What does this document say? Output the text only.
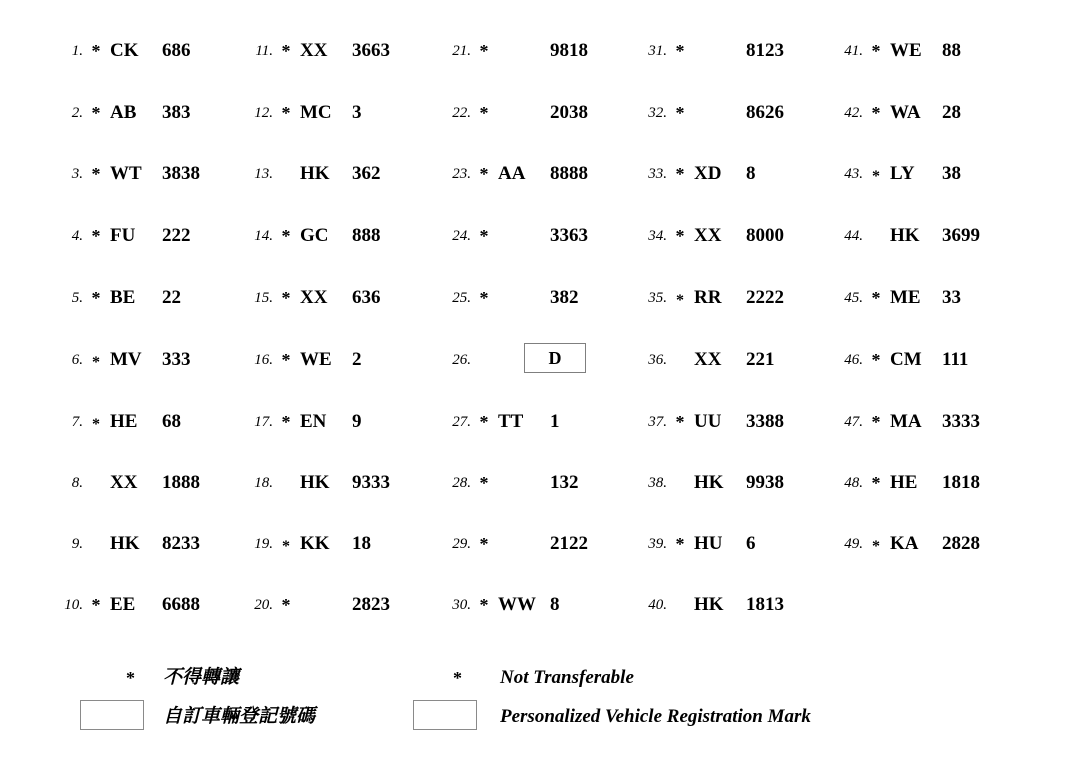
1. * CK 686
2. * AB 383
3. * WT 3838
4. * FU 222
5. * BE 22
6. * MV 333
7. * HE 68
8. XX 1888
9. HK 8233
10. * EE 6688
11. * XX 3663
12. * MC 3
13. HK 362
14. * GC 888
15. * XX 636
16. * WE 2
17. * EN 9
18. HK 9333
19. * KK 18
20. *	2823
21. *	9818
22. *	2038
23. * AA 8888
24. *	3363
25. *	382
26.	D
27. * TT 1
28. *	132
29. *	2122
30. * WW 8
31. *	8123
32. *	8626
33. * XD 8
34. * XX 8000
35. * RR 2222
36. XX 221
37. * UU 3388
38. HK 9938
39. * HU 6
40. HK 1813
41. * WE 88
42. * WA 28
43. * LY 38
44. HK 3699
45. * ME 33
46. * CM 111
47. * MA 3333
48. * HE 1818
49. * KA 2828
* 不得轉讓	* Not Transferable
自訂車輛登記號碼	Personalized Vehicle Registration Mark
